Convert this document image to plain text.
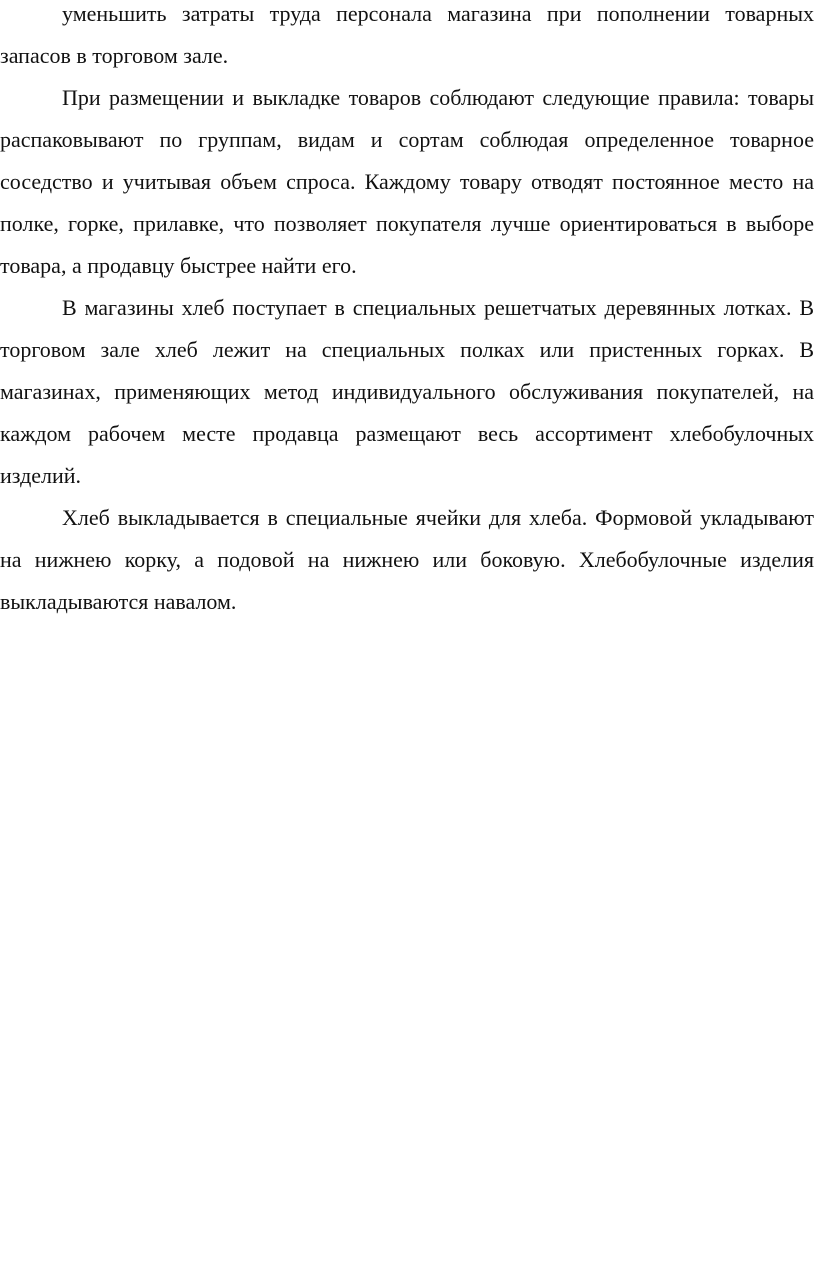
уменьшить затраты труда персонала магазина при пополнении товарных запасов в торговом зале.

При размещении и выкладке товаров соблюдают следующие правила: товары распаковывают по группам, видам и сортам соблюдая определенное товарное соседство и учитывая объем спроса. Каждому товару отводят постоянное место на полке, горке, прилавке, что позволяет покупателя лучше ориентироваться в выборе товара, а продавцу быстрее найти его.

В магазины хлеб поступает в специальных решетчатых деревянных лотках. В торговом зале хлеб лежит на специальных полках или пристенных горках. В магазинах, применяющих метод индивидуального обслуживания покупателей, на каждом рабочем месте продавца размещают весь ассортимент хлебобулочных изделий.

Хлеб выкладывается в специальные ячейки для хлеба. Формовой укладывают на нижнею корку, а подовой на нижнею или боковую. Хлебобулочные изделия выкладываются навалом.
